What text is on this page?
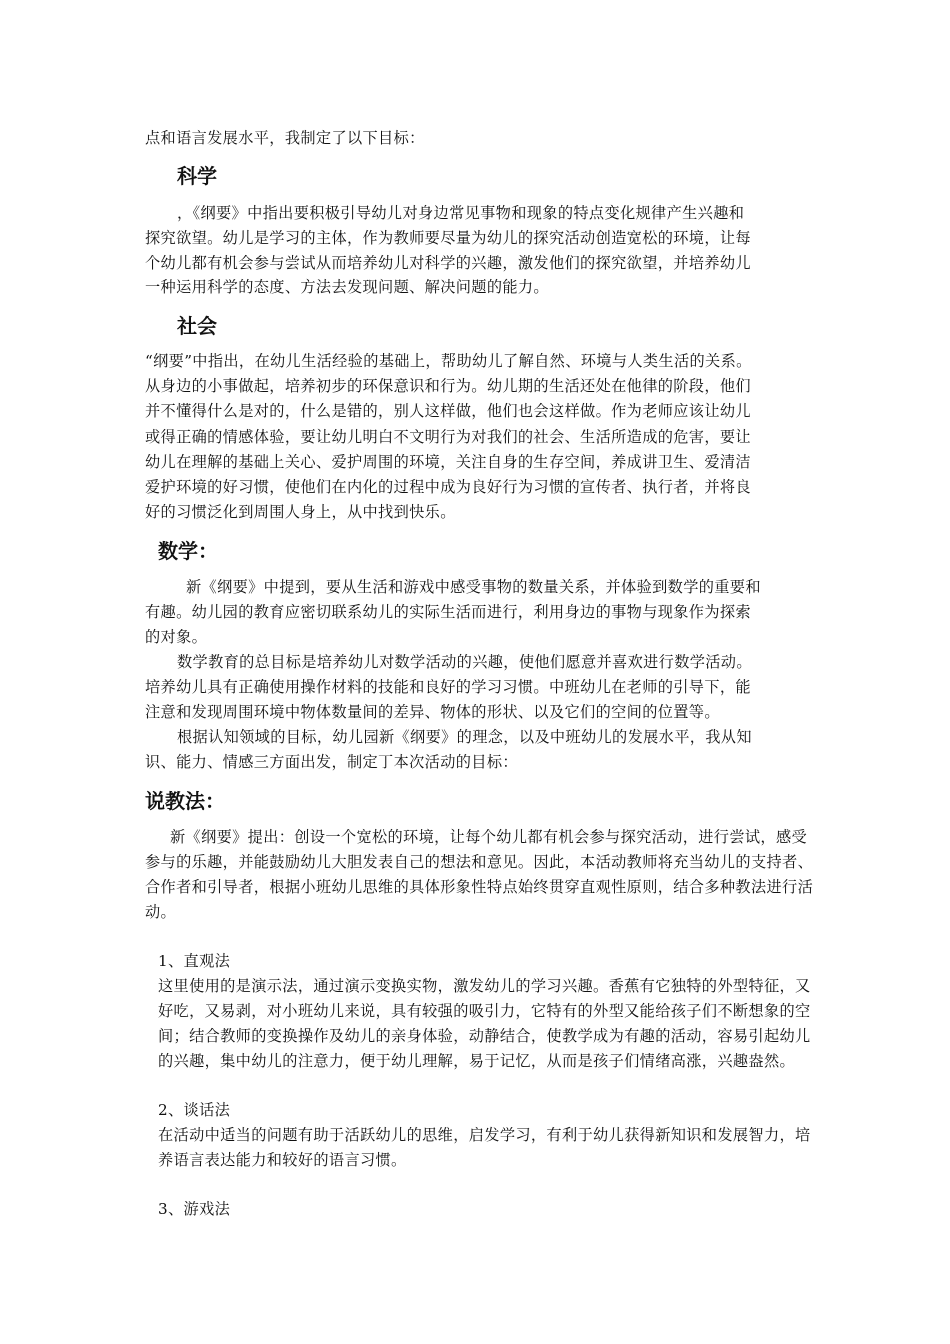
点和语言发展水平，我制定了以下目标：
科学
，《纲要》中指出要积极引导幼儿对身边常见事物和现象的特点变化规律产生兴趣和
探究欲望。幼儿是学习的主体，作为教师要尽量为幼儿的探究活动创造宽松的环境，让每
个幼儿都有机会参与尝试从而培养幼儿对科学的兴趣，激发他们的探究欲望，并培养幼儿
一种运用科学的态度、方法去发现问题、解决问题的能力。
社会
“纲要”中指出，在幼儿生活经验的基础上，帮助幼儿了解自然、环境与人类生活的关系。
从身边的小事做起，培养初步的环保意识和行为。幼儿期的生活还处在他律的阶段，他们
并不懂得什么是对的，什么是错的，别人这样做，他们也会这样做。作为老师应该让幼儿
或得正确的情感体验，要让幼儿明白不文明行为对我们的社会、生活所造成的危害，要让
幼儿在理解的基础上关心、爱护周围的环境，关注自身的生存空间，养成讲卫生、爱清洁
爱护环境的好习惯，使他们在内化的过程中成为良好行为习惯的宣传者、执行者，并将良
好的习惯泛化到周围人身上，从中找到快乐。
数学：
新《纲要》中提到，要从生活和游戏中感受事物的数量关系，并体验到数学的重要和
有趣。幼儿园的教育应密切联系幼儿的实际生活而进行，利用身边的事物与现象作为探索
的对象。
数学教育的总目标是培养幼儿对数学活动的兴趣，使他们愿意并喜欢进行数学活动。
培养幼儿具有正确使用操作材料的技能和良好的学习习惯。中班幼儿在老师的引导下，能
注意和发现周围环境中物体数量间的差异、物体的形状、以及它们的空间的位置等。
根据认知领域的目标，幼儿园新《纲要》的理念，以及中班幼儿的发展水平，我从知
识、能力、情感三方面出发，制定丁本次活动的目标：
说教法：
新《纲要》提出：创设一个宽松的环境，让每个幼儿都有机会参与探究活动，进行尝试，感受
参与的乐趣，并能鼓励幼儿大胆发表自己的想法和意见。因此，本活动教师将充当幼儿的支持者、
合作者和引导者，根据小班幼儿思维的具体形象性特点始终贯穿直观性原则，结合多种教法进行活
动。
1、直观法
这里使用的是演示法，通过演示变换实物，激发幼儿的学习兴趣。香蕉有它独特的外型特征，又
好吃，又易剥，对小班幼儿来说，具有较强的吸引力，它特有的外型又能给孩子们不断想象的空
间；结合教师的变换操作及幼儿的亲身体验，动静结合，使教学成为有趣的活动，容易引起幼儿
的兴趣，集中幼儿的注意力，便于幼儿理解，易于记忆，从而是孩子们情绪高涨，兴趣盎然。
2、谈话法
在活动中适当的问题有助于活跃幼儿的思维，启发学习，有利于幼儿获得新知识和发展智力，培
养语言表达能力和较好的语言习惯。
3、游戏法
